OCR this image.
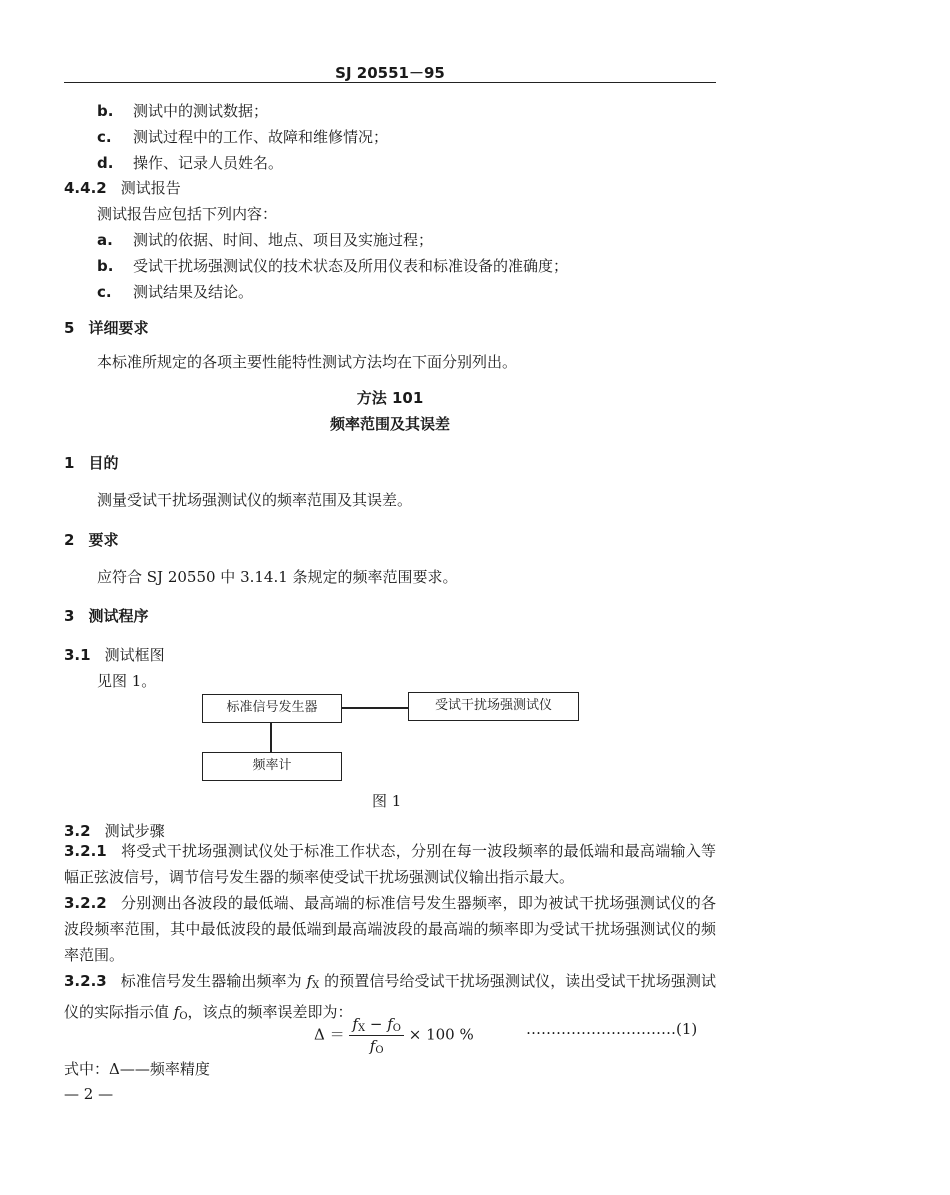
SJ 20551－95
b. 测试中的测试数据；
c. 测试过程中的工作、故障和维修情况；
d. 操作、记录人员姓名。
4.4.2 测试报告
测试报告应包括下列内容：
a. 测试的依据、时间、地点、项目及实施过程；
b. 受试干扰场强测试仪的技术状态及所用仪表和标准设备的准确度；
c. 测试结果及结论。
5 详细要求
本标准所规定的各项主要性能特性测试方法均在下面分别列出。
方法 101
频率范围及其误差
1 目的
测量受试干扰场强测试仪的频率范围及其误差。
2 要求
应符合 SJ 20550 中 3.14.1 条规定的频率范围要求。
3 测试程序
3.1 测试框图
见图 1。
标准信号发生器	受试干扰场强测试仪
频率计
图 1
3.2 测试步骤
3.2.1 将受式干扰场强测试仪处于标准工作状态，分别在每一波段频率的最低端和最高端输入等幅正弦波信号，调节信号发生器的频率使受试干扰场强测试仪输出指示最大。
3.2.2 分别测出各波段的最低端、最高端的标准信号发生器频率，即为被试干扰场强测试仪的各波段频率范围，其中最低波段的最低端到最高端波段的最高端的频率即为受试干扰场强测试仪的频率范围。
3.2.3 标准信号发生器输出频率为 $f_X$ 的预置信号给受试干扰场强测试仪，读出受试干扰场强测试仪的实际指示值 $f_O$，该点的频率误差即为：
$\Delta = \frac{f_X - f_O}{f_O} \times 100$ %	…………………………(1)
式中：Δ——频率精度
— 2 —
